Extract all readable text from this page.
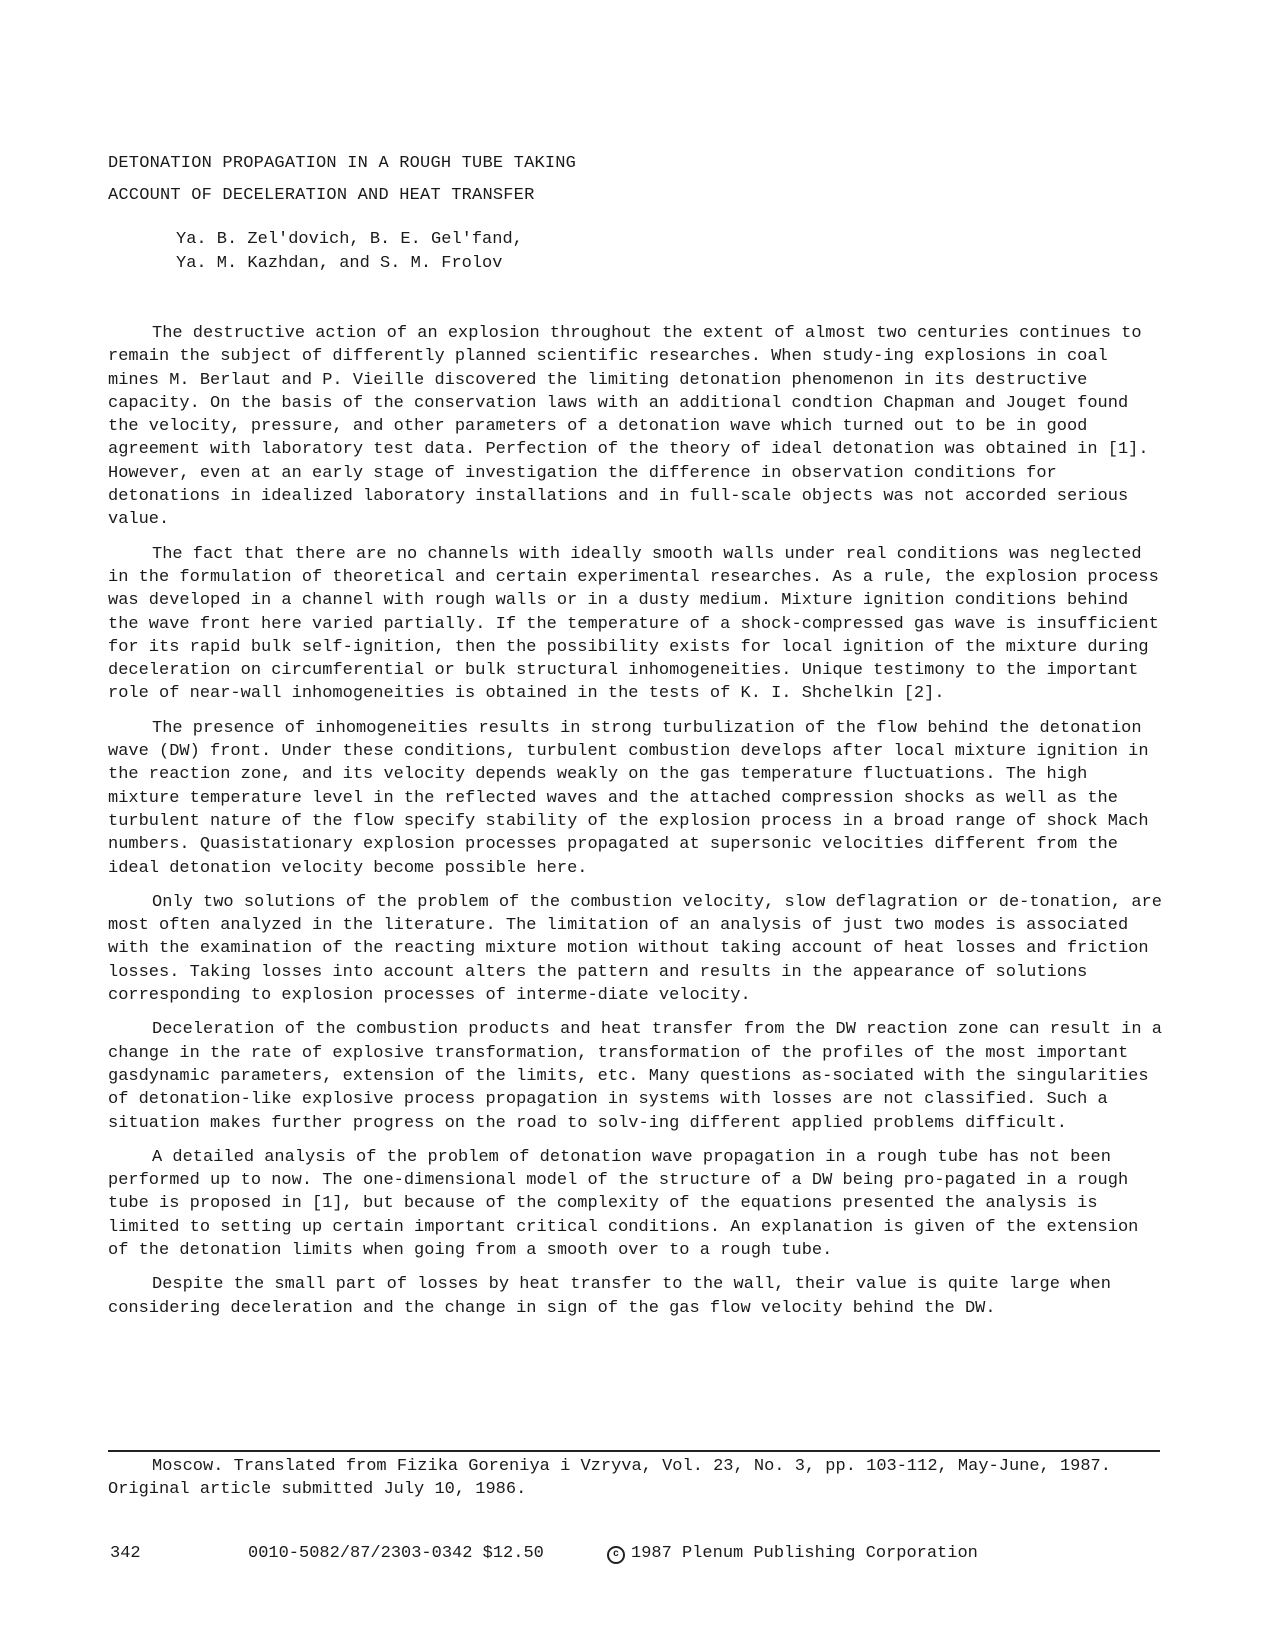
DETONATION PROPAGATION IN A ROUGH TUBE TAKING
ACCOUNT OF DECELERATION AND HEAT TRANSFER
Ya. B. Zel'dovich, B. E. Gel'fand,
Ya. M. Kazhdan, and S. M. Frolov

The destructive action of an explosion throughout the extent of almost two centuries continues to remain the subject of differently planned scientific researches. When study-ing explosions in coal mines M. Berlaut and P. Vieille discovered the limiting detonation phenomenon in its destructive capacity. On the basis of the conservation laws with an additional condtion Chapman and Jouget found the velocity, pressure, and other parameters of a detonation wave which turned out to be in good agreement with laboratory test data. Perfection of the theory of ideal detonation was obtained in [1]. However, even at an early stage of investigation the difference in observation conditions for detonations in idealized laboratory installations and in full-scale objects was not accorded serious value.

The fact that there are no channels with ideally smooth walls under real conditions was neglected in the formulation of theoretical and certain experimental researches. As a rule, the explosion process was developed in a channel with rough walls or in a dusty medium. Mixture ignition conditions behind the wave front here varied partially. If the temperature of a shock-compressed gas wave is insufficient for its rapid bulk self-ignition, then the possibility exists for local ignition of the mixture during deceleration on circumferential or bulk structural inhomogeneities. Unique testimony to the important role of near-wall inhomogeneities is obtained in the tests of K. I. Shchelkin [2].

The presence of inhomogeneities results in strong turbulization of the flow behind the detonation wave (DW) front. Under these conditions, turbulent combustion develops after local mixture ignition in the reaction zone, and its velocity depends weakly on the gas temperature fluctuations. The high mixture temperature level in the reflected waves and the attached compression shocks as well as the turbulent nature of the flow specify stability of the explosion process in a broad range of shock Mach numbers. Quasistationary explosion processes propagated at supersonic velocities different from the ideal detonation velocity become possible here.

Only two solutions of the problem of the combustion velocity, slow deflagration or de-tonation, are most often analyzed in the literature. The limitation of an analysis of just two modes is associated with the examination of the reacting mixture motion without taking account of heat losses and friction losses. Taking losses into account alters the pattern and results in the appearance of solutions corresponding to explosion processes of interme-diate velocity.

Deceleration of the combustion products and heat transfer from the DW reaction zone can result in a change in the rate of explosive transformation, transformation of the profiles of the most important gasdynamic parameters, extension of the limits, etc. Many questions as-sociated with the singularities of detonation-like explosive process propagation in systems with losses are not classified. Such a situation makes further progress on the road to solv-ing different applied problems difficult.

A detailed analysis of the problem of detonation wave propagation in a rough tube has not been performed up to now. The one-dimensional model of the structure of a DW being pro-pagated in a rough tube is proposed in [1], but because of the complexity of the equations presented the analysis is limited to setting up certain important critical conditions. An explanation is given of the extension of the detonation limits when going from a smooth over to a rough tube.

Despite the small part of losses by heat transfer to the wall, their value is quite large when considering deceleration and the change in sign of the gas flow velocity behind the DW.

Moscow. Translated from Fizika Goreniya i Vzryva, Vol. 23, No. 3, pp. 103-112, May-June, 1987. Original article submitted July 10, 1986.
342	0010-5082/87/2303-0342 $12.50	c 1987 Plenum Publishing Corporation
